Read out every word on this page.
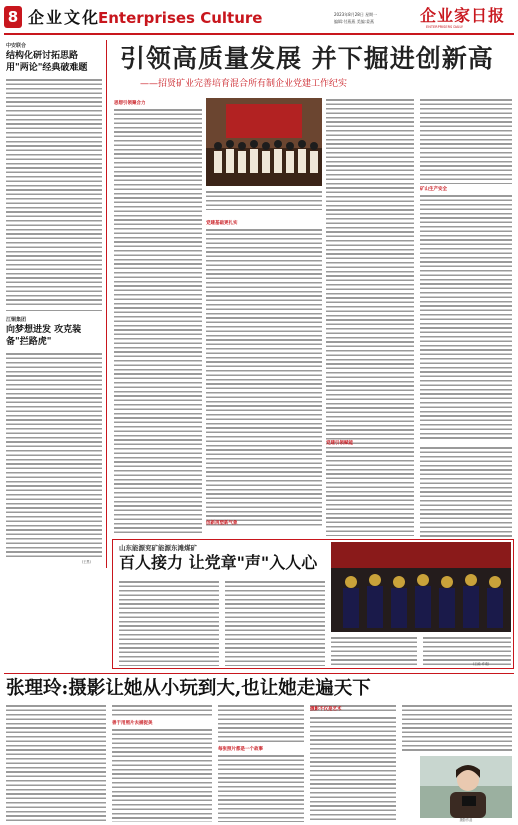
8 企业文化
Enterprises Culture	2023年8月28日 星期一
编辑:付燕燕 美编:姜燕	企业家日报
ENTERPRISERS DAILY
中安联合
结构化研讨拓思路 用"两论"经典破难题
江铜集团
向梦想进发 攻克装备"拦路虎"
(王思)
引领高质量发展 并下掘进创新高
——招贤矿业完善培育混合所有制企业党建工作纪实
思想引领聚合力
党建基础更扎实
创新再塑新气象
矿山生产安全
党建引领赋能
山东能源兖矿能源东滩煤矿
百人接力 让党章"声"入人心
(王能 许欢)
张理玲:摄影让她从小玩到大,也让她走遍天下
善于用照片去捕捉美
每张照片都是一个故事
摄影不仅是艺术
摄影作品
